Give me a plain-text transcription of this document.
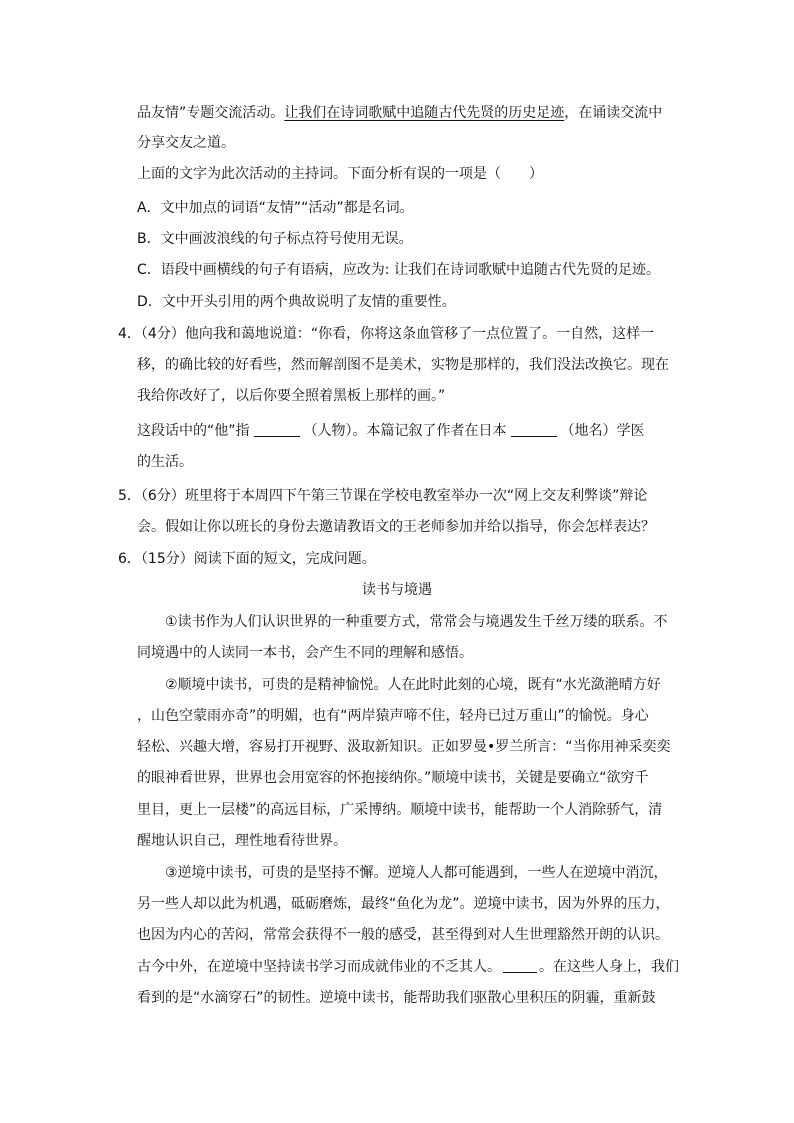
品友情”专题交流活动。让我们在诗词歌赋中追随古代先贤的历史足迹，在诵读交流中
分享交友之道。
上面的文字为此次活动的主持词。下面分析有误的一项是（　　）
A．文中加点的词语“友情”“活动”都是名词。
B．文中画波浪线的句子标点符号使用无误。
C．语段中画横线的句子有语病，应改为: 让我们在诗词歌赋中追随古代先贤的足迹。
D．文中开头引用的两个典故说明了友情的重要性。
4．（4分）他向我和蔼地说道：“你看，你将这条血管移了一点位置了。一自然，这样一
移，的确比较的好看些，然而解剖图不是美术，实物是那样的，我们没法改换它。现在
我给你改好了，以后你要全照着黑板上那样的画。”
这段话中的“他”指	（人物）。本篇记叙了作者在日本	（地名）学医
的生活。
5．（6分）班里将于本周四下午第三节课在学校电教室举办一次“网上交友利弊谈”辩论
会。假如让你以班长的身份去邀请教语文的王老师参加并给以指导，你会怎样表达？
6．（15分）阅读下面的短文，完成问题。
读书与境遇
①读书作为人们认识世界的一种重要方式，常常会与境遇发生千丝万缕的联系。不
同境遇中的人读同一本书，会产生不同的理解和感悟。
②顺境中读书，可贵的是精神愉悦。人在此时此刻的心境，既有“水光潋滟晴方好
，山色空蒙雨亦奇”的明媚，也有“两岸猿声啼不住，轻舟已过万重山”的愉悦。身心
轻松、兴趣大增，容易打开视野、汲取新知识。正如罗曼•罗兰所言：“当你用神采奕奕
的眼神看世界，世界也会用宽容的怀抱接纳你。”顺境中读书，关键是要确立“欲穷千
里目，更上一层楼”的高远目标，广采博纳。顺境中读书，能帮助一个人消除骄气，清
醒地认识自己，理性地看待世界。
③逆境中读书，可贵的是坚持不懈。逆境人人都可能遇到，一些人在逆境中消沉，
另一些人却以此为机遇，砥砺磨炼，最终“鱼化为龙”。逆境中读书，因为外界的压力，
也因为内心的苦闷，常常会获得不一般的感受，甚至得到对人生世理豁然开朗的认识。
古今中外，在逆境中坚持读书学习而成就伟业的不乏其人。	。在这些人身上，我们
看到的是“水滴穿石”的韧性。逆境中读书，能帮助我们驱散心里积压的阴霾，重新鼓
